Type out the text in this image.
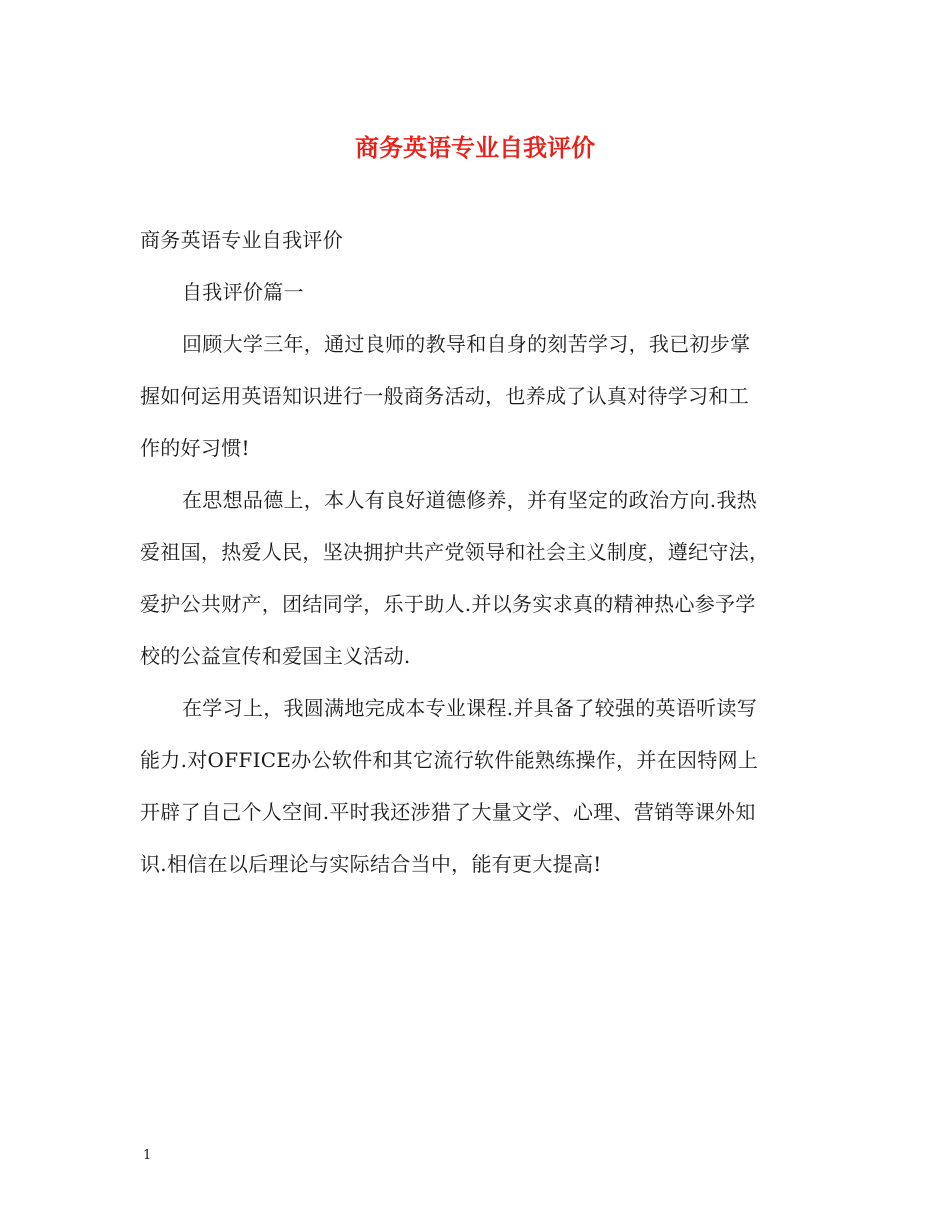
商务英语专业自我评价
商务英语专业自我评价
自我评价篇一
回顾大学三年，通过良师的教导和自身的刻苦学习，我已初步掌
握如何运用英语知识进行一般商务活动，也养成了认真对待学习和工
作的好习惯!
在思想品德上，本人有良好道德修养，并有坚定的政治方向.我热
爱祖国，热爱人民，坚决拥护共产党领导和社会主义制度，遵纪守法，
爱护公共财产，团结同学，乐于助人.并以务实求真的精神热心参予学
校的公益宣传和爱国主义活动.
在学习上，我圆满地完成本专业课程.并具备了较强的英语听读写
能力.对OFFICE办公软件和其它流行软件能熟练操作，并在因特网上
开辟了自己个人空间.平时我还涉猎了大量文学、心理、营销等课外知
识.相信在以后理论与实际结合当中，能有更大提高!
1
